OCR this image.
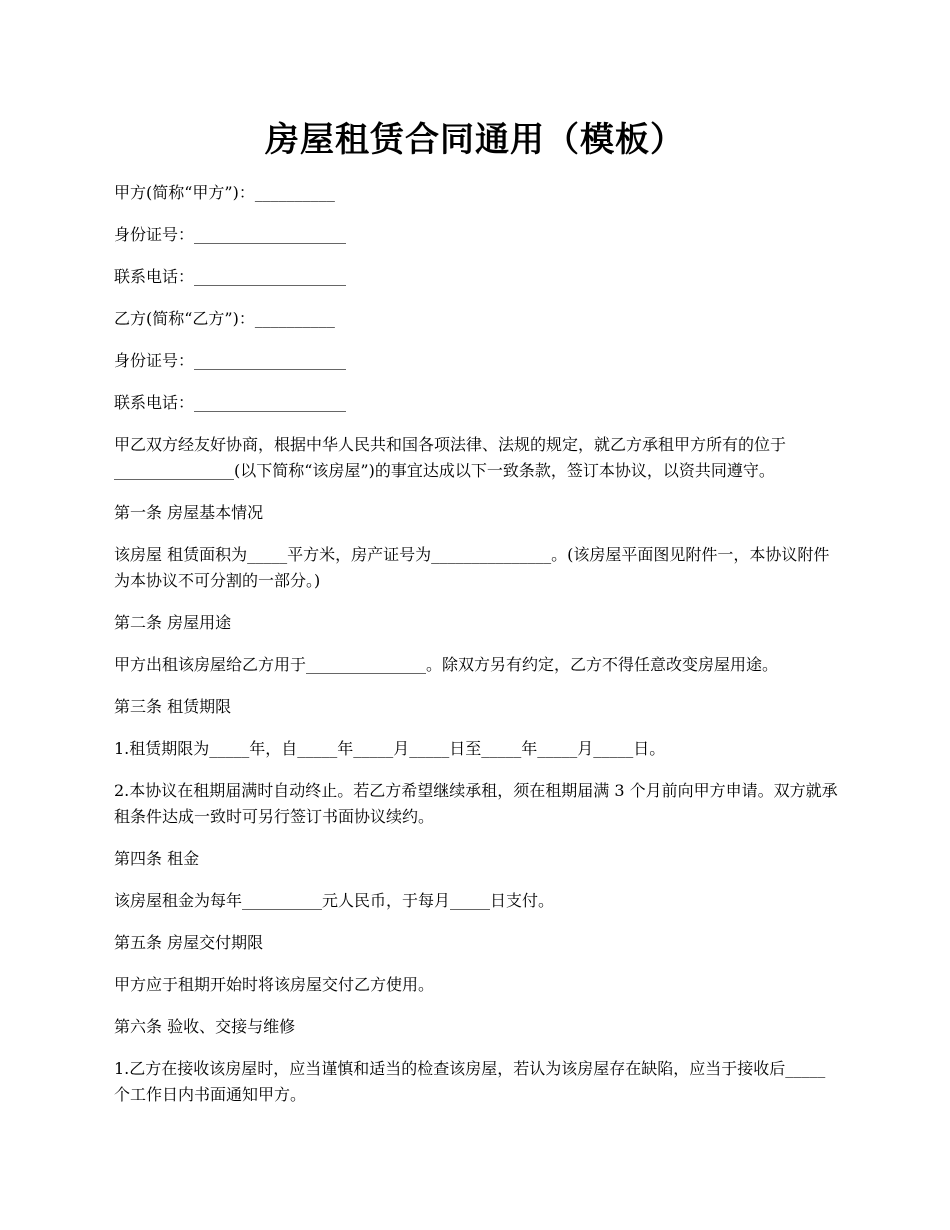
房屋租赁合同通用（模板）

甲方(简称“甲方”)：__________

身份证号：___________________

联系电话：___________________

乙方(简称“乙方”)：__________

身份证号：___________________

联系电话：___________________

甲乙双方经友好协商，根据中华人民共和国各项法律、法规的规定，就乙方承租甲方所有的位于_______________(以下简称“该房屋”)的事宜达成以下一致条款，签订本协议，以资共同遵守。

第一条 房屋基本情况

该房屋 租赁面积为_____平方米，房产证号为_______________。(该房屋平面图见附件一，本协议附件为本协议不可分割的一部分。)

第二条 房屋用途

甲方出租该房屋给乙方用于_______________。除双方另有约定，乙方不得任意改变房屋用途。

第三条 租赁期限

1.租赁期限为_____年，自_____年_____月_____日至_____年_____月_____日。

2.本协议在租期届满时自动终止。若乙方希望继续承租，须在租期届满 3 个月前向甲方申请。双方就承租条件达成一致时可另行签订书面协议续约。

第四条 租金

该房屋租金为每年__________元人民币，于每月_____日支付。

第五条 房屋交付期限

甲方应于租期开始时将该房屋交付乙方使用。

第六条 验收、交接与维修

1.乙方在接收该房屋时，应当谨慎和适当的检查该房屋，若认为该房屋存在缺陷，应当于接收后_____个工作日内书面通知甲方。
